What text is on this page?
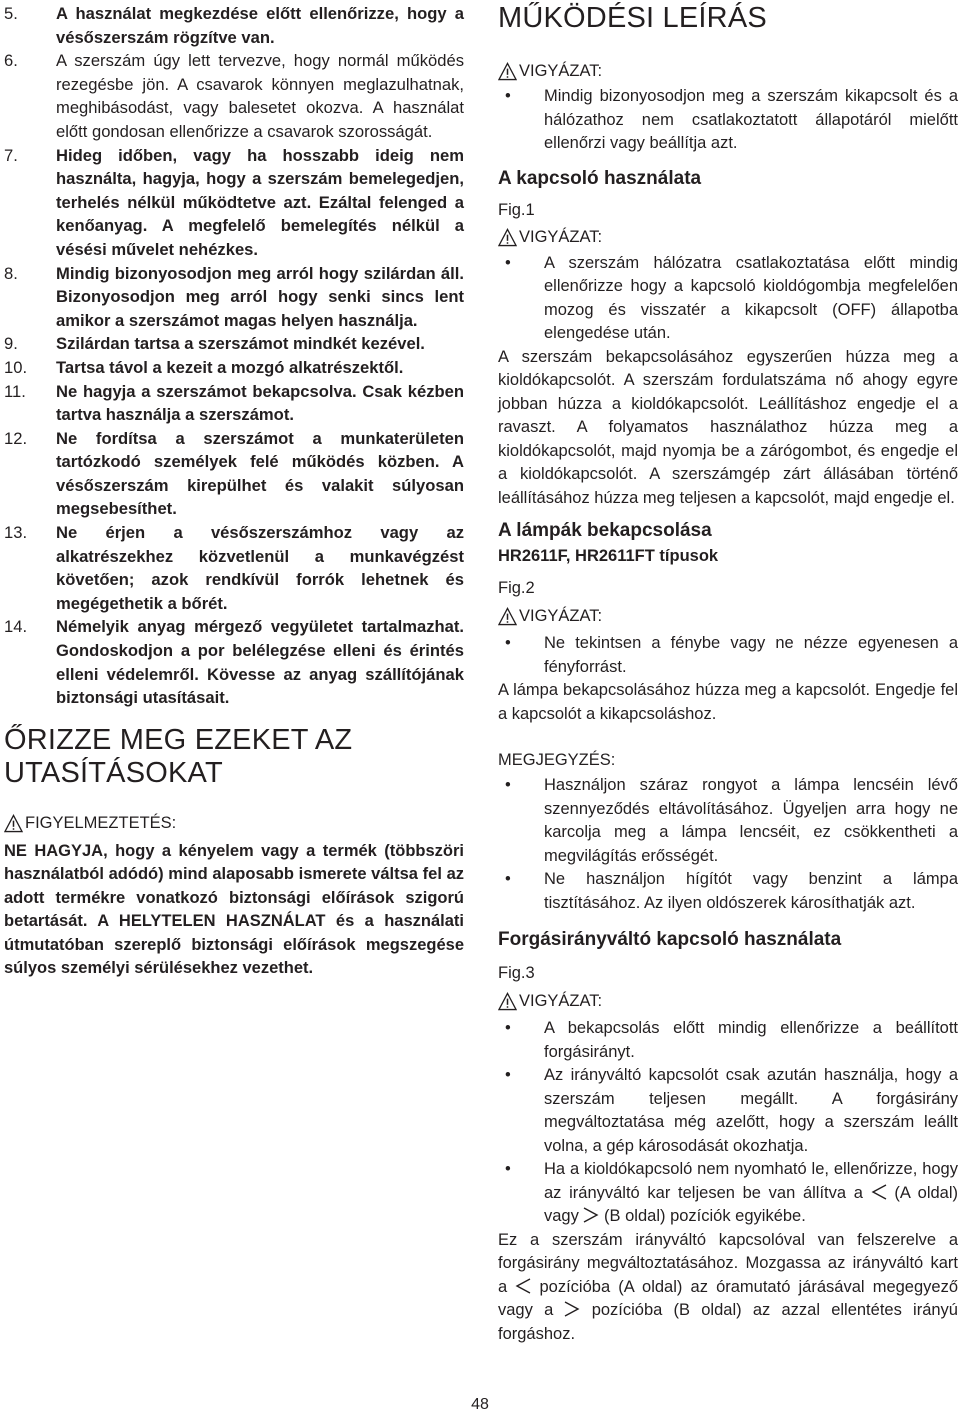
5. A használat megkezdése előtt ellenőrizze, hogy a vésőszerszám rögzítve van.
6. A szerszám úgy lett tervezve, hogy normál működés rezegésbe jön. A csavarok könnyen meglazulhatnak, meghibásodást, vagy balesetet okozva. A használat előtt gondosan ellenőrizze a csavarok szorosságát.
7. Hideg időben, vagy ha hosszabb ideig nem használta, hagyja, hogy a szerszám bemelegedjen, terhelés nélkül működtetve azt. Ezáltal felenged a kenőanyag. A megfelelő bemelegítés nélkül a vésési művelet nehézkes.
8. Mindig bizonyosodjon meg arról hogy szilárdan áll. Bizonyosodjon meg arról hogy senki sincs lent amikor a szerszámot magas helyen használja.
9. Szilárdan tartsa a szerszámot mindkét kezével.
10. Tartsa távol a kezeit a mozgó alkatrészektől.
11. Ne hagyja a szerszámot bekapcsolva. Csak kézben tartva használja a szerszámot.
12. Ne fordítsa a szerszámot a munkaterületen tartózkodó személyek felé működés közben. A vésőszerszám kirepülhet és valakit súlyosan megsebesíthet.
13. Ne érjen a vésőszerszámhoz vagy az alkatrészekhez közvetlenül a munkavégzést követően; azok rendkívül forrók lehetnek és megégethetik a bőrét.
14. Némelyik anyag mérgező vegyületet tartalmazhat. Gondoskodjon a por belélegzése elleni és érintés elleni védelemről. Kövesse az anyag szállítójának biztonsági utasításait.
ŐRIZZE MEG EZEKET AZ UTASÍTÁSOKAT
FIGYELMEZTETÉS:

NE HAGYJA, hogy a kényelem vagy a termék (többszöri használatból adódó) mind alaposabb ismerete váltsa fel az adott termékre vonatkozó biztonsági előírások szigorú betartását. A HELYTELEN HASZNÁLAT és a használati útmutatóban szereplő biztonsági előírások megszegése súlyos személyi sérülésekhez vezethet.

MŰKÖDÉSI LEÍRÁS
VIGYÁZAT:
• Mindig bizonyosodjon meg a szerszám kikapcsolt és a hálózathoz nem csatlakoztatott állapotáról mielőtt ellenőrzi vagy beállítja azt.
A kapcsoló használata
Fig.1
VIGYÁZAT:
• A szerszám hálózatra csatlakoztatása előtt mindig ellenőrizze hogy a kapcsoló kioldógombja megfelelően mozog és visszatér a kikapcsolt (OFF) állapotba elengedése után.

A szerszám bekapcsolásához egyszerűen húzza meg a kioldókapcsolót. A szerszám fordulatszáma nő ahogy egyre jobban húzza a kioldókapcsolót. Leállításhoz engedje el a ravaszt. A folyamatos használathoz húzza meg a kioldókapcsolót, majd nyomja be a zárógombot, és engedje el a kioldókapcsolót. A szerszámgép zárt állásában történő leállításához húzza meg teljesen a kapcsolót, majd engedje el.

A lámpák bekapcsolása
HR2611F, HR2611FT típusok
Fig.2
VIGYÁZAT:
• Ne tekintsen a fénybe vagy ne nézze egyenesen a fényforrást.

A lámpa bekapcsolásához húzza meg a kapcsolót. Engedje fel a kapcsolót a kikapcsoláshoz.

MEGJEGYZÉS:
• Használjon száraz rongyot a lámpa lencséin lévő szennyeződés eltávolításához. Ügyeljen arra hogy ne karcolja meg a lámpa lencséit, ez csökkentheti a megvilágítás erősségét.
• Ne használjon hígítót vagy benzint a lámpa tisztításához. Az ilyen oldószerek károsíthatják azt.
Forgásirányváltó kapcsoló használata
Fig.3
VIGYÁZAT:
• A bekapcsolás előtt mindig ellenőrizze a beállított forgásirányt.
• Az irányváltó kapcsolót csak azután használja, hogy a szerszám teljesen megállt. A forgásirány megváltoztatása még azelőtt, hogy a szerszám leállt volna, a gép károsodását okozhatja.
• Ha a kioldókapcsoló nem nyomható le, ellenőrizze, hogy az irányváltó kar teljesen be van állítva a (A oldal) vagy (B oldal) pozíciók egyikébe.

Ez a szerszám irányváltó kapcsolóval van felszerelve a forgásirány megváltoztatásához. Mozgassa az irányváltó kart a pozícióba (A oldal) az óramutató járásával megegyező vagy a pozícióba (B oldal) az azzal ellentétes irányú forgáshoz.

48
